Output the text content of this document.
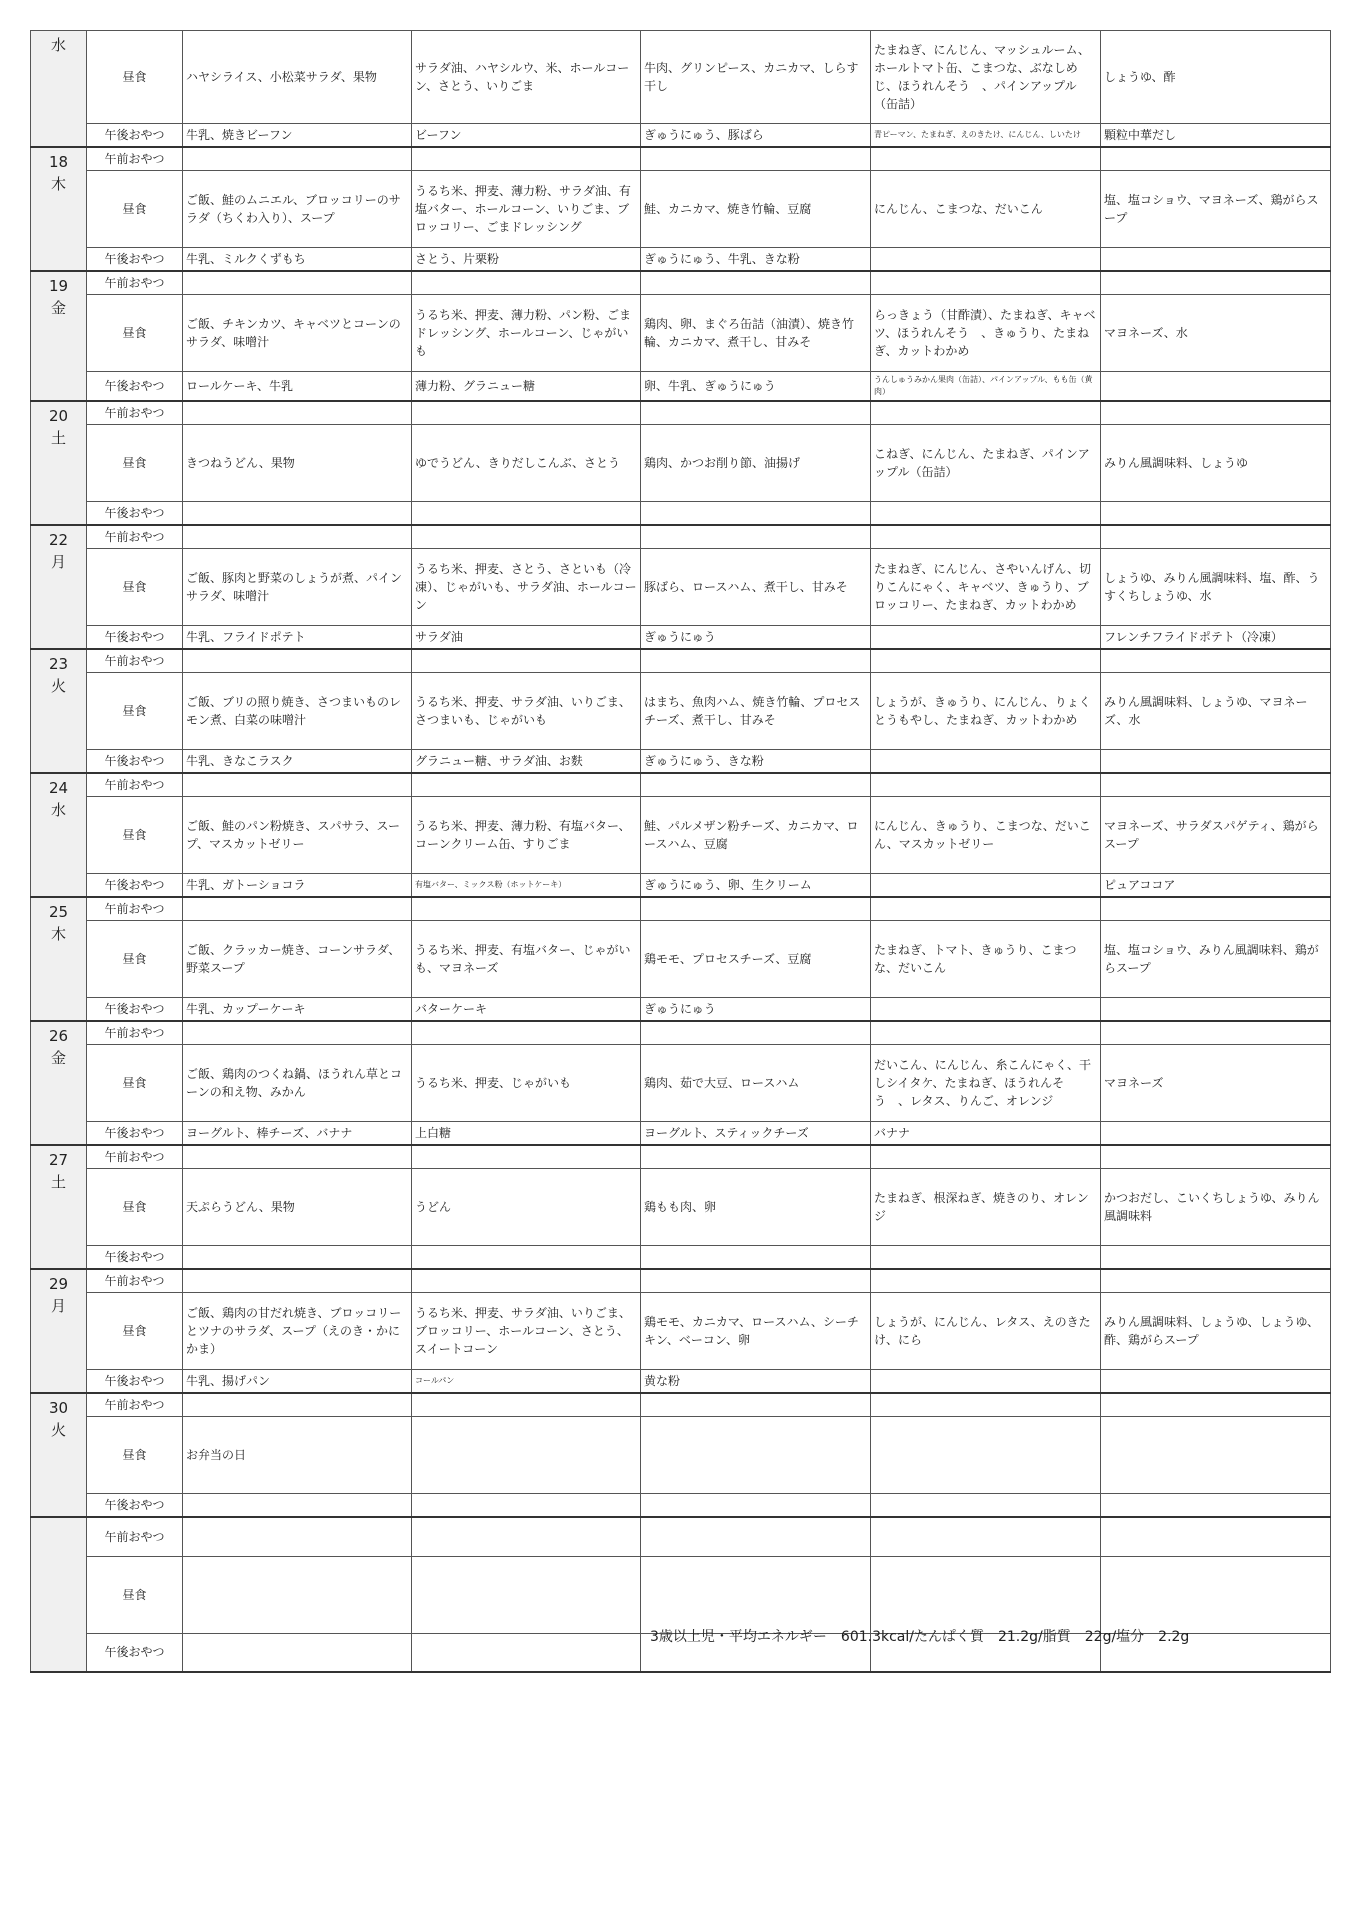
水	昼食	ハヤシライス、小松菜サラダ、果物	サラダ油、ハヤシルウ、米、ホールコーン、さとう、いりごま	牛肉、グリンピース、カニカマ、しらす干し	たまねぎ、にんじん、マッシュルーム、ホールトマト缶、こまつな、ぶなしめじ、ほうれんそう　、パインアップル（缶詰）	しょうゆ、酢
	午後おやつ	牛乳、焼きビーフン	ビーフン	ぎゅうにゅう、豚ばら	青ピーマン、たまねぎ、えのきたけ、にんじん、しいたけ	顆粒中華だし

18
木	午前おやつ					
	昼食	ご飯、鮭のムニエル、ブロッコリーのサラダ（ちくわ入り）、スープ	うるち米、押麦、薄力粉、サラダ油、有塩バター、ホールコーン、いりごま、ブロッコリー、ごまドレッシング	鮭、カニカマ、焼き竹輪、豆腐	にんじん、こまつな、だいこん	塩、塩コショウ、マヨネーズ、鶏がらスープ
	午後おやつ	牛乳、ミルクくずもち	さとう、片栗粉	ぎゅうにゅう、牛乳、きな粉		

19
金	午前おやつ					
	昼食	ご飯、チキンカツ、キャベツとコーンのサラダ、味噌汁	うるち米、押麦、薄力粉、パン粉、ごまドレッシング、ホールコーン、じゃがいも	鶏肉、卵、まぐろ缶詰（油漬）、焼き竹輪、カニカマ、煮干し、甘みそ	らっきょう（甘酢漬）、たまねぎ、キャベツ、ほうれんそう　、きゅうり、たまねぎ、カットわかめ	マヨネーズ、水
	午後おやつ	ロールケーキ、牛乳	薄力粉、グラニュー糖	卵、牛乳、ぎゅうにゅう	うんしゅうみかん果肉（缶詰）、パインアップル、もも缶（黄肉）	

20
土	午前おやつ					
	昼食	きつねうどん、果物	ゆでうどん、きりだしこんぶ、さとう	鶏肉、かつお削り節、油揚げ	こねぎ、にんじん、たまねぎ、パインアップル（缶詰）	みりん風調味料、しょうゆ
	午後おやつ					

22
月	午前おやつ					
	昼食	ご飯、豚肉と野菜のしょうが煮、パインサラダ、味噌汁	うるち米、押麦、さとう、さといも（冷凍）、じゃがいも、サラダ油、ホールコーン	豚ばら、ロースハム、煮干し、甘みそ	たまねぎ、にんじん、さやいんげん、切りこんにゃく、キャベツ、きゅうり、ブロッコリー、たまねぎ、カットわかめ	しょうゆ、みりん風調味料、塩、酢、うすくちしょうゆ、水
	午後おやつ	牛乳、フライドポテト	サラダ油	ぎゅうにゅう		フレンチフライドポテト（冷凍）

23
火	午前おやつ					
	昼食	ご飯、ブリの照り焼き、さつまいものレモン煮、白菜の味噌汁	うるち米、押麦、サラダ油、いりごま、さつまいも、じゃがいも	はまち、魚肉ハム、焼き竹輪、プロセスチーズ、煮干し、甘みそ	しょうが、きゅうり、にんじん、りょくとうもやし、たまねぎ、カットわかめ	みりん風調味料、しょうゆ、マヨネーズ、水
	午後おやつ	牛乳、きなこラスク	グラニュー糖、サラダ油、お麩	ぎゅうにゅう、きな粉		

24
水	午前おやつ					
	昼食	ご飯、鮭のパン粉焼き、スパサラ、スープ、マスカットゼリー	うるち米、押麦、薄力粉、有塩バター、コーンクリーム缶、すりごま	鮭、パルメザン粉チーズ、カニカマ、ロースハム、豆腐	にんじん、きゅうり、こまつな、だいこん、マスカットゼリー	マヨネーズ、サラダスパゲティ、鶏がらスープ
	午後おやつ	牛乳、ガトーショコラ	有塩バター、ミックス粉（ホットケーキ）	ぎゅうにゅう、卵、生クリーム		ピュアココア

25
木	午前おやつ					
	昼食	ご飯、クラッカー焼き、コーンサラダ、野菜スープ	うるち米、押麦、有塩バター、じゃがいも、マヨネーズ	鶏モモ、プロセスチーズ、豆腐	たまねぎ、トマト、きゅうり、こまつな、だいこん	塩、塩コショウ、みりん風調味料、鶏がらスープ
	午後おやつ	牛乳、カップーケーキ	バターケーキ	ぎゅうにゅう		

26
金	午前おやつ					
	昼食	ご飯、鶏肉のつくね鍋、ほうれん草とコーンの和え物、みかん	うるち米、押麦、じゃがいも	鶏肉、茹で大豆、ロースハム	だいこん、にんじん、糸こんにゃく、干しシイタケ、たまねぎ、ほうれんそう　、レタス、りんご、オレンジ	マヨネーズ
	午後おやつ	ヨーグルト、棒チーズ、バナナ	上白糖	ヨーグルト、スティックチーズ	バナナ	

27
土	午前おやつ					
	昼食	天ぷらうどん、果物	うどん	鶏もも肉、卵	たまねぎ、根深ねぎ、焼きのり、オレンジ	かつおだし、こいくちしょうゆ、みりん風調味料
	午後おやつ					

29
月	午前おやつ					
	昼食	ご飯、鶏肉の甘だれ焼き、ブロッコリーとツナのサラダ、スープ（えのき・かにかま）	うるち米、押麦、サラダ油、いりごま、ブロッコリー、ホールコーン、さとう、スイートコーン	鶏モモ、カニカマ、ロースハム、シーチキン、ベーコン、卵	しょうが、にんじん、レタス、えのきたけ、にら	みりん風調味料、しょうゆ、しょうゆ、酢、鶏がらスープ
	午後おやつ	牛乳、揚げパン	コールパン	黄な粉		

30
火	午前おやつ					
	昼食	お弁当の日				
	午後おやつ					

	午前おやつ					
	昼食					
	午後おやつ					
3歳以上児・平均エネルギー　601.3kcal/たんぱく質　21.2g/脂質　22g/塩分　2.2g
